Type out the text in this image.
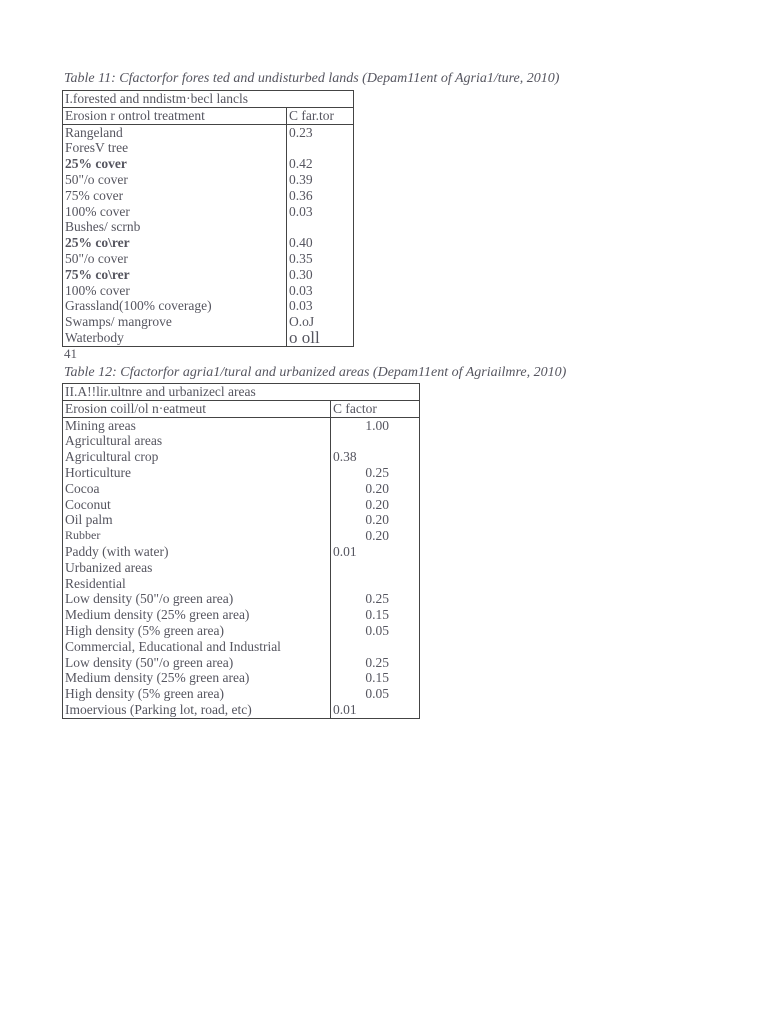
Table 11: Cfactorfor fores ted and undisturbed lands (Depam11ent of Agria1/ture, 2010)
I.forested and nndistm·becl lancls	
Erosion r ontrol treatment	C far.tor
Rangeland	0.23
ForesV tree	
25% cover	0.42
50"/o cover	0.39
75% cover	0.36
100% cover	0.03
Bushes/ scrnb	
25% co\rer	0.40
50"/o cover	0.35
75% co\rer	0.30
100% cover	0.03
Grassland(100% coverage)	0.03
Swamps/ mangrove	O.oJ
Waterbody	o oll
41
Table 12: Cfactorfor agria1/tural and urbanized areas (Depam11ent of Agriailmre, 2010)
II.A!!lir.ultnre and urbanizecl areas	
Erosion coill/ol n·eatmeut	C factor
Mining areas	1.00
Agricultural areas	
Agricultural crop	0.38
Horticulture	0.25
Cocoa	0.20
Coconut	0.20
Oil palm	0.20
Rubber	0.20
Paddy (with water)	0.01
Urbanized areas	
Residential	
Low density (50"/o green area)	0.25
Medium density (25% green area)	0.15
High density (5% green area)	0.05
Commercial, Educational and Industrial	
Low density (50"/o green area)	0.25
Medium density (25% green area)	0.15
High density (5% green area)	0.05
Imoervious (Parking lot, road, etc)	0.01
